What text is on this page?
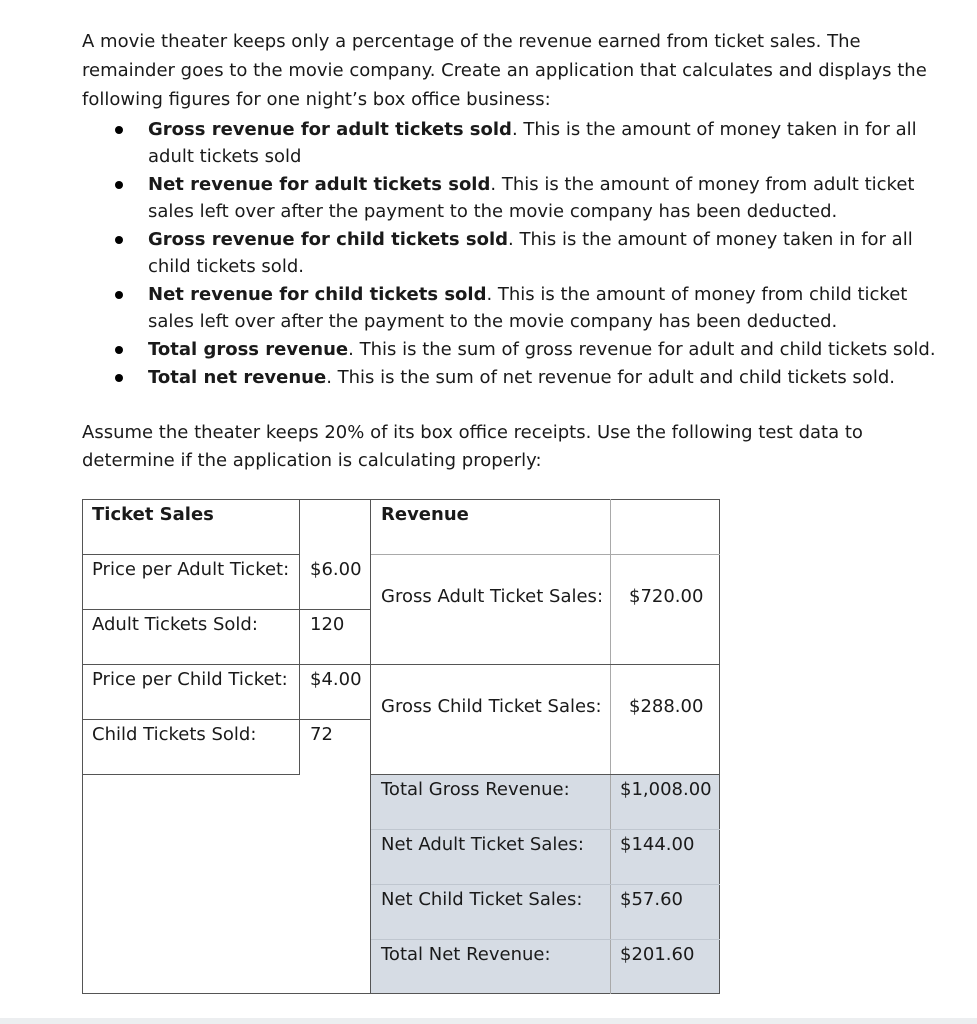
A movie theater keeps only a percentage of the revenue earned from ticket sales. The remainder goes to the movie company. Create an application that calculates and displays the following figures for one night’s box office business:

Gross revenue for adult tickets sold. This is the amount of money taken in for all adult tickets sold
Net revenue for adult tickets sold. This is the amount of money from adult ticket sales left over after the payment to the movie company has been deducted.
Gross revenue for child tickets sold. This is the amount of money taken in for all child tickets sold.
Net revenue for child tickets sold. This is the amount of money from child ticket sales left over after the payment to the movie company has been deducted.
Total gross revenue. This is the sum of gross revenue for adult and child tickets sold.
Total net revenue. This is the sum of net revenue for adult and child tickets sold.

Assume the theater keeps 20% of its box office receipts. Use the following test data to determine if the application is calculating properly:

Ticket Sales	Revenue
Price per Adult Ticket:	$6.00
Adult Tickets Sold:	120
Price per Child Ticket:	$4.00
Child Tickets Sold:	72
Gross Adult Ticket Sales:	$720.00
Gross Child Ticket Sales:	$288.00
Total Gross Revenue:	$1,008.00
Net Adult Ticket Sales:	$144.00
Net Child Ticket Sales:	$57.60
Total Net Revenue:	$201.60
